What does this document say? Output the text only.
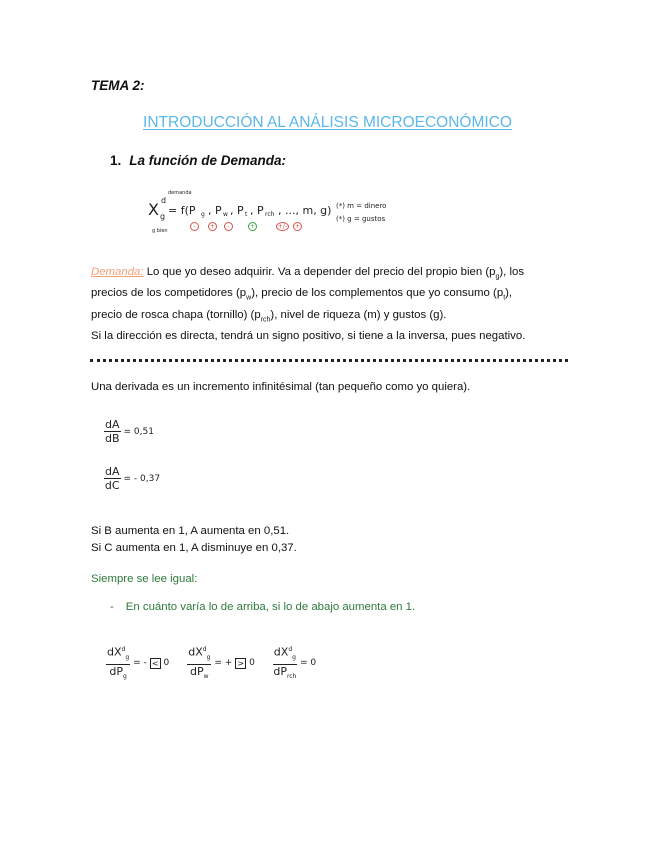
TEMA 2:
INTRODUCCIÓN AL ANÁLISIS MICROECONÓMICO
1. La función de Demanda:
demanda
X d
g
g bien
= f(P g , P w , P t , P rch , ..., m, g)
-	+	-	+	+/-	+
(*) m = dinero
(*) g = gustos
Demanda: Lo que yo deseo adquirir. Va a depender del precio del propio bien $(p_g)$, los
precios de los competidores $(p_w)$, precio de los complementos que yo consumo $(p_t)$,
precio de rosca chapa (tornillo) $(p_{rch})$, nivel de riqueza (m) y gustos (g).
Si la dirección es directa, tendrá un signo positivo, si tiene a la inversa, pues negativo.
Una derivada es un incremento infinitésimal (tan pequeño como yo quiera).
$\frac{dA}{dB} = 0,51$
$\frac{dA}{dC}$ = - 0,37
Si B aumenta en 1, A aumenta en 0,51.
Si C aumenta en 1, A disminuye en 0,37.
Siempre se lee igual:
- En cuánto varía lo de arriba, si lo de abajo aumenta en 1.
$\frac{dX^d_g}{dP_g}$ = - < $0 \frac{dX^d_g}{dP_w}$ = + > $0 \frac{dX^d_g}{dP_{rch}} = 0$
